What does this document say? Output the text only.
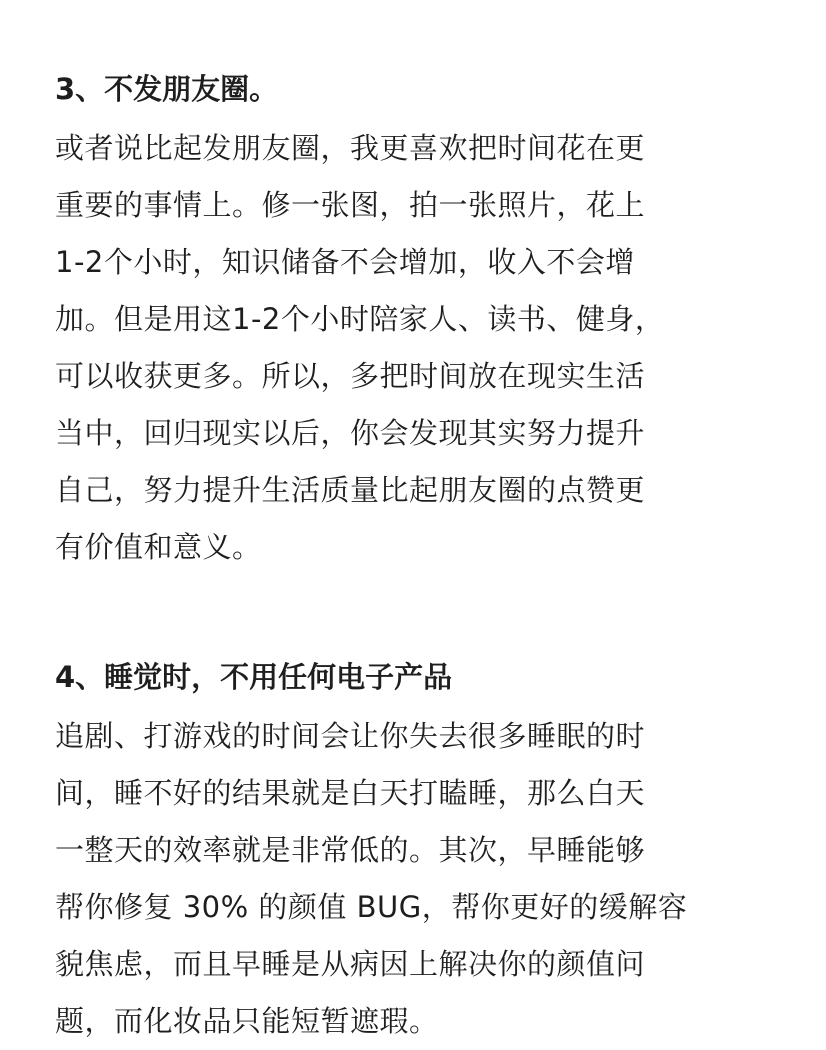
3、不发朋友圈。
或者说比起发朋友圈，我更喜欢把时间花在更
重要的事情上。修一张图，拍一张照片，花上
1-2个小时，知识储备不会增加，收入不会增
加。但是用这1-2个小时陪家人、读书、健身，
可以收获更多。所以，多把时间放在现实生活
当中，回归现实以后，你会发现其实努力提升
自己，努力提升生活质量比起朋友圈的点赞更
有价值和意义。
4、睡觉时，不用任何电子产品
追剧、打游戏的时间会让你失去很多睡眠的时
间，睡不好的结果就是白天打瞌睡，那么白天
一整天的效率就是非常低的。其次，早睡能够
帮你修复 30% 的颜值 BUG，帮你更好的缓解容
貌焦虑，而且早睡是从病因上解决你的颜值问
题，而化妆品只能短暂遮瑕。
